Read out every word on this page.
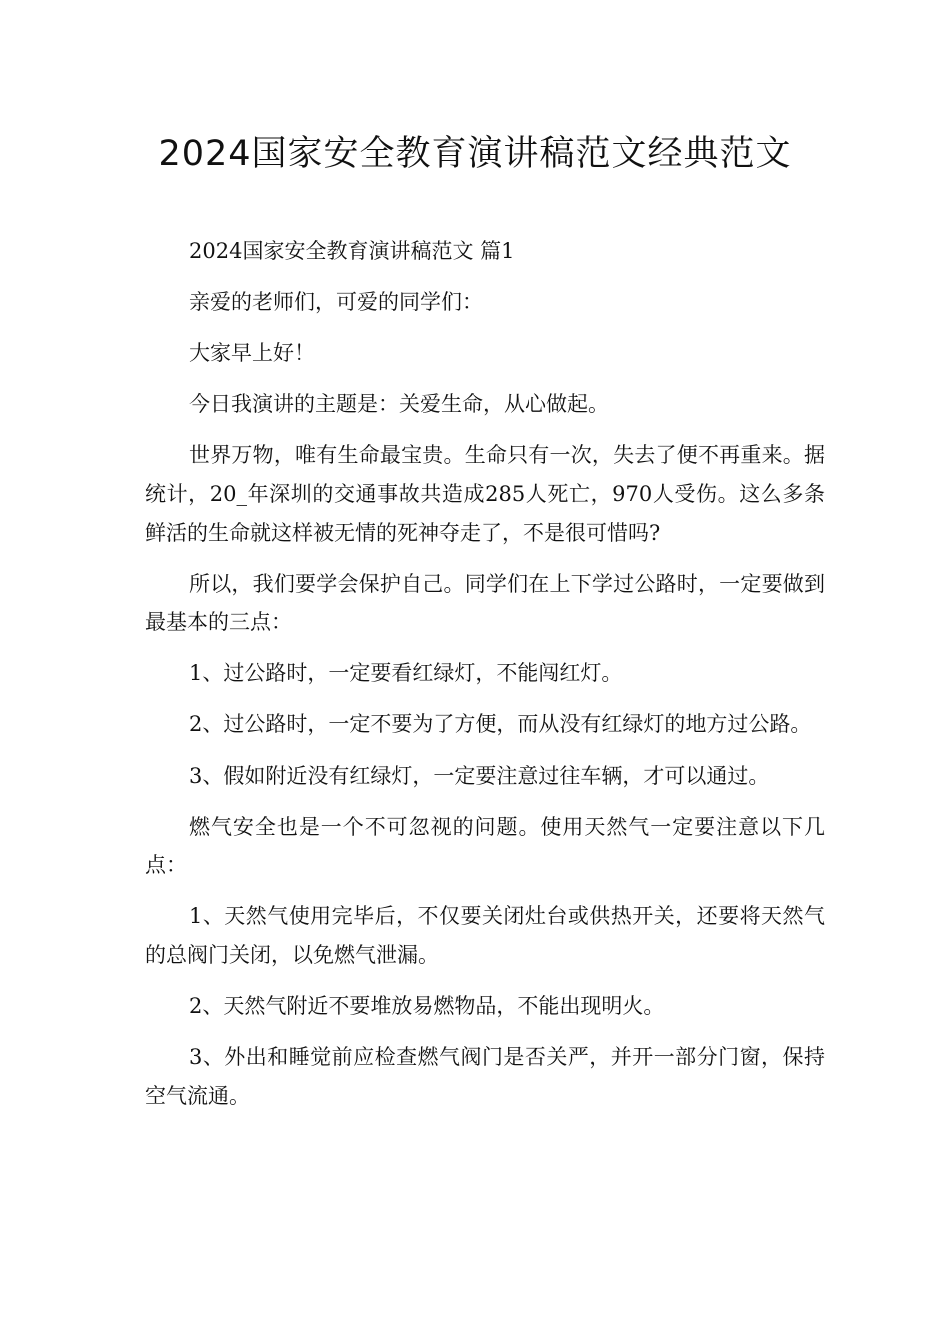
2024国家安全教育演讲稿范文经典范文

2024国家安全教育演讲稿范文 篇1

亲爱的老师们，可爱的同学们：

大家早上好！

今日我演讲的主题是：关爱生命，从心做起。

世界万物，唯有生命最宝贵。生命只有一次，失去了便不再重来。据统计，20_年深圳的交通事故共造成285人死亡，970人受伤。这么多条鲜活的生命就这样被无情的死神夺走了，不是很可惜吗?

所以，我们要学会保护自己。同学们在上下学过公路时，一定要做到最基本的三点：

1、过公路时，一定要看红绿灯，不能闯红灯。

2、过公路时，一定不要为了方便，而从没有红绿灯的地方过公路。

3、假如附近没有红绿灯，一定要注意过往车辆，才可以通过。

燃气安全也是一个不可忽视的问题。使用天然气一定要注意以下几点：

1、天然气使用完毕后，不仅要关闭灶台或供热开关，还要将天然气的总阀门关闭，以免燃气泄漏。

2、天然气附近不要堆放易燃物品，不能出现明火。

3、外出和睡觉前应检查燃气阀门是否关严，并开一部分门窗，保持空气流通。
